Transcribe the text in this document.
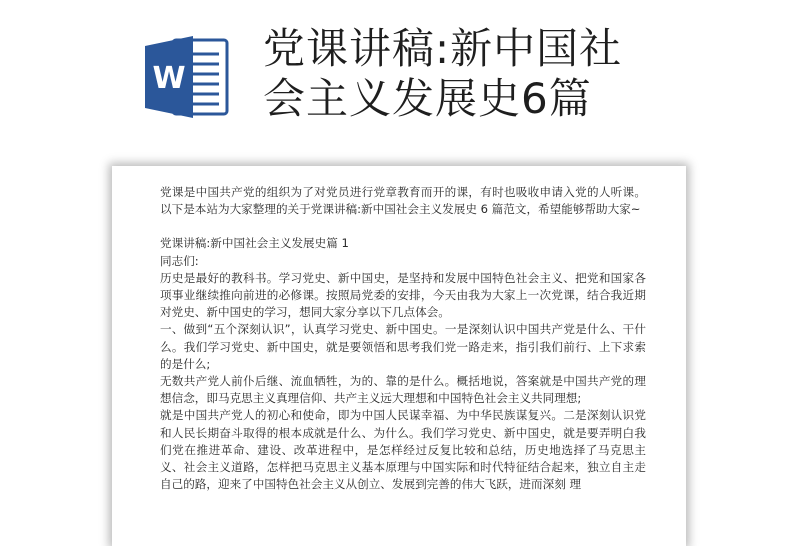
W
党课讲稿:新中国社
会主义发展史6篇

党课是中国共产党的组织为了对党员进行党章教育而开的课，有时也吸收申请入党的人听课。以下是本站为大家整理的关于党课讲稿:新中国社会主义发展史 6 篇范文，希望能够帮助大家~

党课讲稿:新中国社会主义发展史篇 1

同志们:

历史是最好的教科书。学习党史、新中国史，是坚持和发展中国特色社会主义、把党和国家各项事业继续推向前进的必修课。按照局党委的安排，今天由我为大家上一次党课，结合我近期对党史、新中国史的学习，想同大家分享以下几点体会。

一、做到“五个深刻认识”，认真学习党史、新中国史。一是深刻认识中国共产党是什么、干什么。我们学习党史、新中国史，就是要领悟和思考我们党一路走来，指引我们前行、上下求索的是什么;

无数共产党人前仆后继、流血牺牲，为的、靠的是什么。概括地说，答案就是中国共产党的理想信念，即马克思主义真理信仰、共产主义远大理想和中国特色社会主义共同理想;

就是中国共产党人的初心和使命，即为中国人民谋幸福、为中华民族谋复兴。二是深刻认识党和人民长期奋斗取得的根本成就是什么、为什么。我们学习党史、新中国史，就是要弄明白我们党在推进革命、建设、改革进程中，是怎样经过反复比较和总结，历史地选择了马克思主义、社会主义道路，怎样把马克思主义基本原理与中国实际和时代特征结合起来，独立自主走自己的路，迎来了中国特色社会主义从创立、发展到完善的伟大飞跃，进而深刻 理
